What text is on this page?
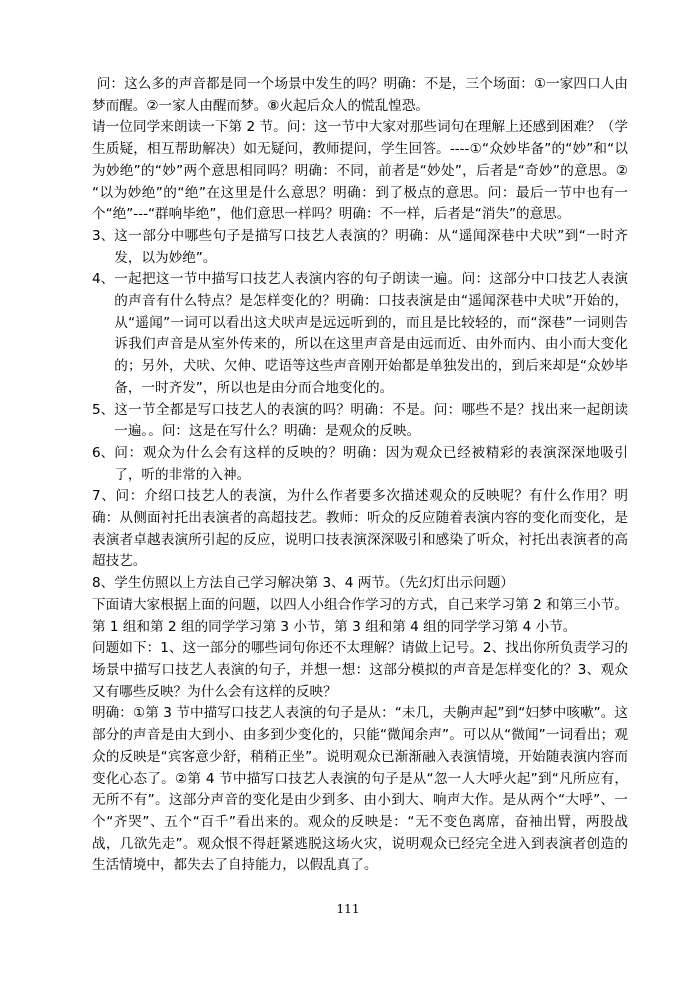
问：这么多的声音都是同一个场景中发生的吗？明确：不是，三个场面：①一家四口人由梦而醒。②一家人由醒而梦。⑧火起后众人的慌乱惶恐。

请一位同学来朗读一下第 2 节。问：这一节中大家对那些词句在理解上还感到困难？（学生质疑，相互帮助解决）如无疑问，教师提问，学生回答。----①“众妙毕备”的“妙”和“以为妙绝”的“妙”两个意思相同吗？明确：不同，前者是“妙处”，后者是“奇妙”的意思。② “以为妙绝”的“绝”在这里是什么意思？明确：到了极点的意思。问：最后一节中也有一个“绝”---“群响毕绝”，他们意思一样吗？明确：不一样，后者是“消失”的意思。

3、 这一部分中哪些句子是描写口技艺人表演的？明确：从“遥闻深巷中犬吠”到“一时齐发，以为妙绝”。
4、 一起把这一节中描写口技艺人表演内容的句子朗读一遍。问：这部分中口技艺人表演的声音有什么特点？是怎样变化的？明确：口技表演是由“遥闻深巷中犬吠”开始的，从“遥闻”一词可以看出这犬吠声是远远听到的，而且是比较轻的，而“深巷”一词则告诉我们声音是从室外传来的，所以在这里声音是由远而近、由外而内、由小而大变化的；另外，犬吠、欠伸、呓语等这些声音刚开始都是单独发出的，到后来却是“众妙毕备，一时齐发”，所以也是由分而合地变化的。
5、 这一节全都是写口技艺人的表演的吗？明确：不是。问：哪些不是？找出来一起朗读一遍。。问：这是在写什么？明确：是观众的反映。
6、 问：观众为什么会有这样的反映的？明确：因为观众已经被精彩的表演深深地吸引了，听的非常的入神。

7、问：介绍口技艺人的表演，为什么作者要多次描述观众的反映呢？有什么作用？明确：从侧面衬托出表演者的高超技艺。教师：听众的反应随着表演内容的变化而变化，是表演者卓越表演所引起的反应，说明口技表演深深吸引和感染了听众，衬托出表演者的高超技艺。

8、学生仿照以上方法自己学习解决第 3、4 两节。（先幻灯出示问题）

下面请大家根据上面的问题，以四人小组合作学习的方式，自己来学习第 2 和第三小节。第 1 组和第 2 组的同学学习第 3 小节，第 3 组和第 4 组的同学学习第 4 小节。

问题如下：1、这一部分的哪些词句你还不太理解？请做上记号。2、找出你所负责学习的场景中描写口技艺人表演的句子，并想一想：这部分模拟的声音是怎样变化的？3、观众又有哪些反映？为什么会有这样的反映？

明确：①第 3 节中描写口技艺人表演的句子是从：“未几，夫齁声起”到“妇梦中咳嗽”。这部分的声音是由大到小、由多到少变化的，只能“微闻余声”。可以从“微闻”一词看出；观众的反映是“宾客意少舒，稍稍正坐”。说明观众已渐渐融入表演情境，开始随表演内容而变化心态了。②第 4 节中描写口技艺人表演的句子是从“忽一人大呼火起”到“凡所应有，无所不有”。这部分声音的变化是由少到多、由小到大、响声大作。是从两个“大呼”、一个“齐哭”、五个“百千”看出来的。观众的反映是：“无不变色离席，奋袖出臂，两股战战，几欲先走”。观众恨不得赶紧逃脱这场火灾，说明观众已经完全进入到表演者创造的生活情境中，都失去了自持能力，以假乱真了。

111
